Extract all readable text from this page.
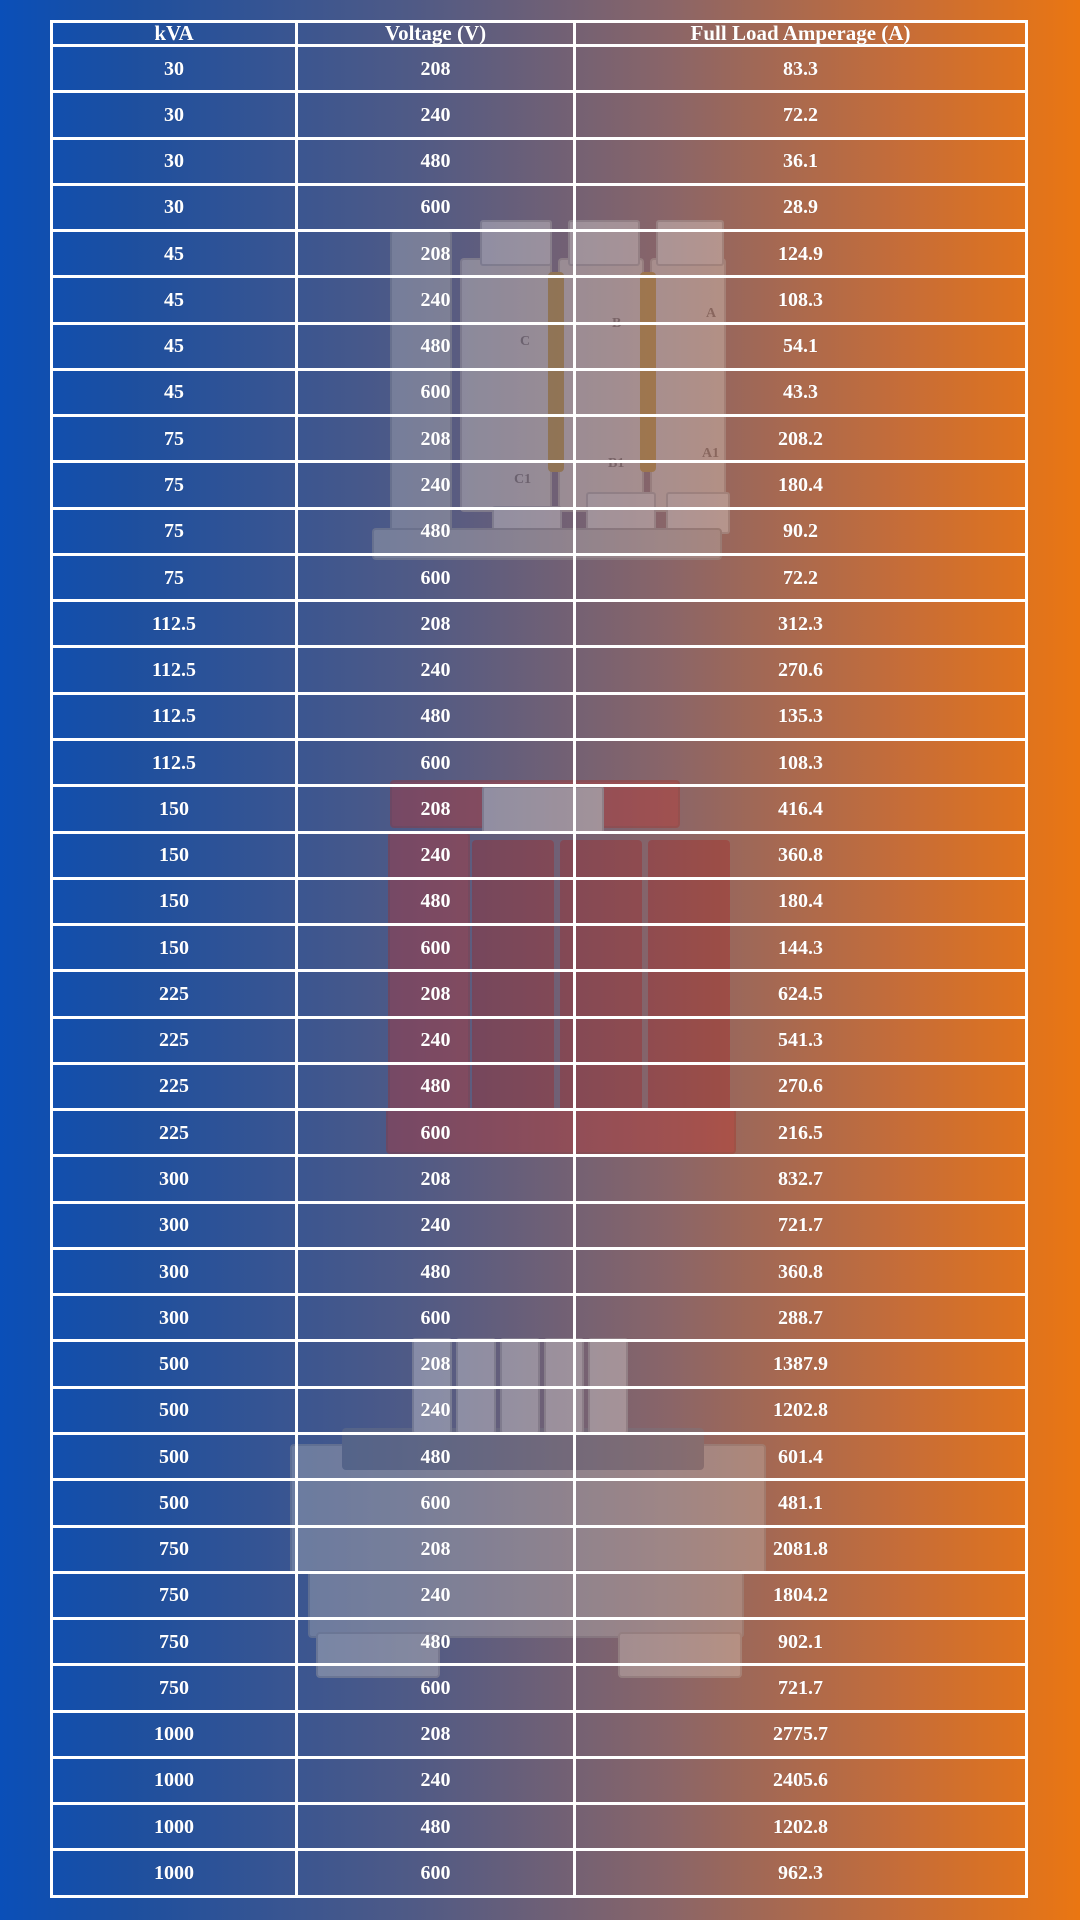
C
B
A
C1
B1
A1
kVA	Voltage (V)	Full Load Amperage (A)
30	208	83.3
30	240	72.2
30	480	36.1
30	600	28.9
45	208	124.9
45	240	108.3
45	480	54.1
45	600	43.3
75	208	208.2
75	240	180.4
75	480	90.2
75	600	72.2
112.5	208	312.3
112.5	240	270.6
112.5	480	135.3
112.5	600	108.3
150	208	416.4
150	240	360.8
150	480	180.4
150	600	144.3
225	208	624.5
225	240	541.3
225	480	270.6
225	600	216.5
300	208	832.7
300	240	721.7
300	480	360.8
300	600	288.7
500	208	1387.9
500	240	1202.8
500	480	601.4
500	600	481.1
750	208	2081.8
750	240	1804.2
750	480	902.1
750	600	721.7
1000	208	2775.7
1000	240	2405.6
1000	480	1202.8
1000	600	962.3
